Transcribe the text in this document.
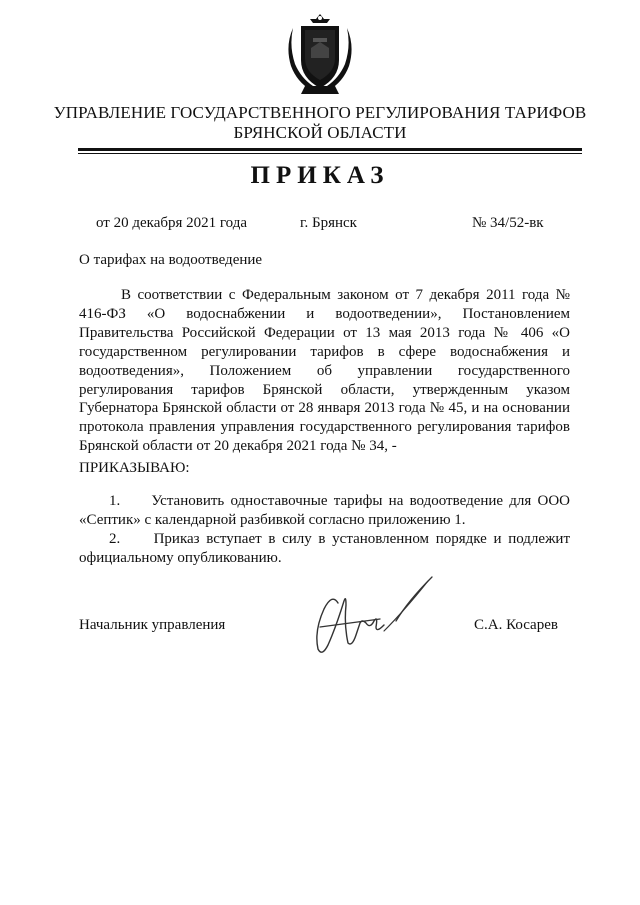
УПРАВЛЕНИЕ ГОСУДАРСТВЕННОГО РЕГУЛИРОВАНИЯ ТАРИФОВ
БРЯНСКОЙ ОБЛАСТИ
ПРИКАЗ
от 20 декабря 2021 года	г. Брянск	№ 34/52-вк
О тарифах на водоотведение
В соответствии с Федеральным законом от 7 декабря 2011 года № 416-ФЗ «О водоснабжении и водоотведении», Постановлением Правительства Российской Федерации от 13 мая 2013 года № 406 «О государственном регулировании тарифов в сфере водоснабжения и водоотведения», Положением об управлении государственного регулирования тарифов Брянской области, утвержденным указом Губернатора Брянской области от 28 января 2013 года № 45, и на основании протокола правления управления государственного регулирования тарифов Брянской области от 20 декабря 2021 года № 34, -
ПРИКАЗЫВАЮ:
1. Установить одноставочные тарифы на водоотведение для ООО «Септик» с календарной разбивкой согласно приложению 1.
2. Приказ вступает в силу в установленном порядке и подлежит официальному опубликованию.
Начальник управления	С.А. Косарев
